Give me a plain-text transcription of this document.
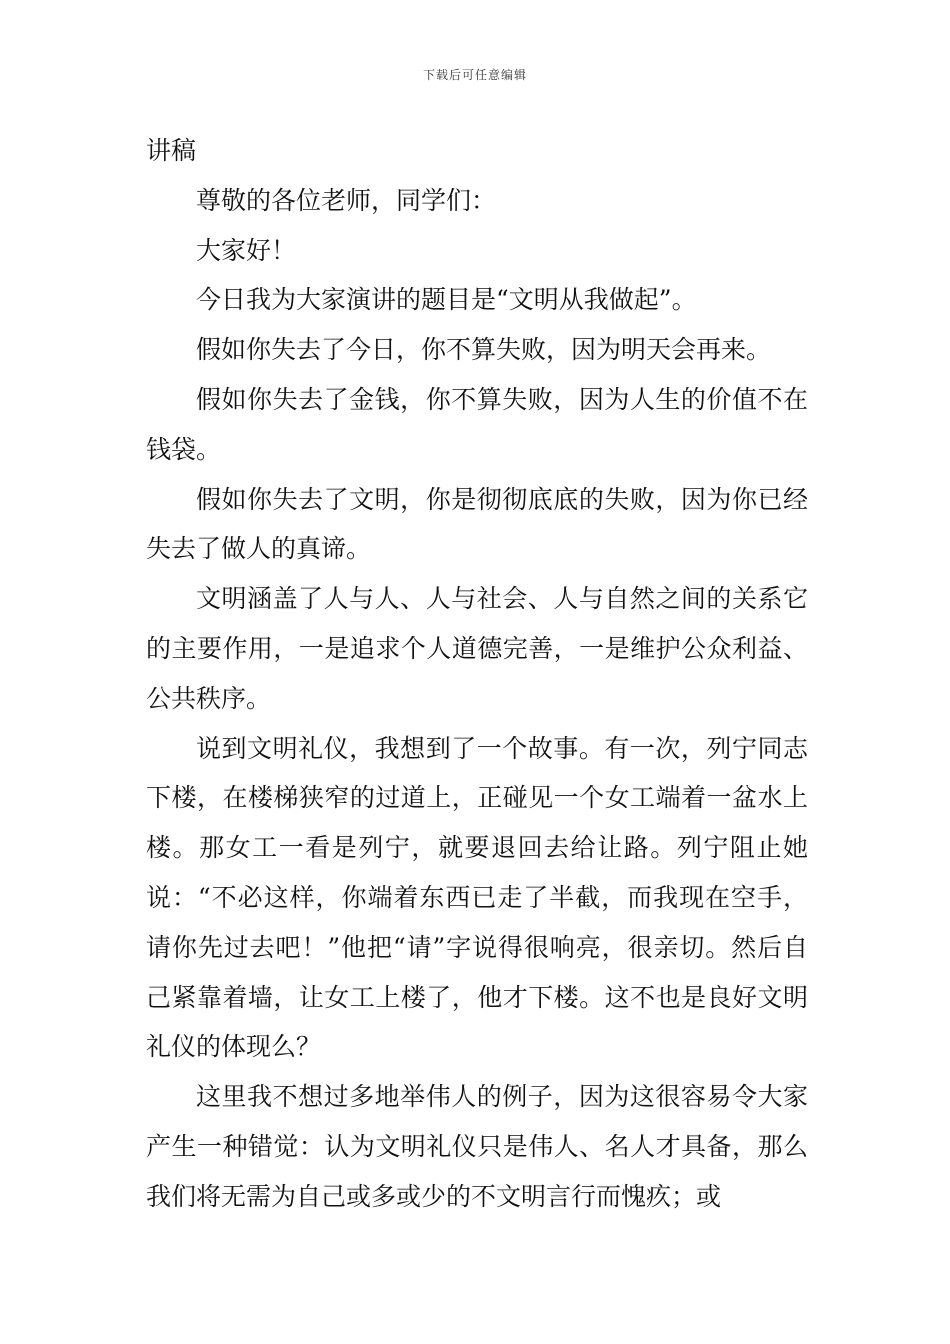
下载后可任意编辑

讲稿

尊敬的各位老师，同学们：

大家好！

今日我为大家演讲的题目是“文明从我做起”。

假如你失去了今日，你不算失败，因为明天会再来。

假如你失去了金钱，你不算失败，因为人生的价值不在钱袋。

假如你失去了文明，你是彻彻底底的失败，因为你已经失去了做人的真谛。

文明涵盖了人与人、人与社会、人与自然之间的关系它的主要作用，一是追求个人道德完善，一是维护公众利益、公共秩序。

说到文明礼仪，我想到了一个故事。有一次，列宁同志下楼，在楼梯狭窄的过道上，正碰见一个女工端着一盆水上楼。那女工一看是列宁，就要退回去给让路。列宁阻止她说：“不必这样，你端着东西已走了半截，而我现在空手，请你先过去吧！”他把“请”字说得很响亮，很亲切。然后自己紧靠着墙，让女工上楼了，他才下楼。这不也是良好文明礼仪的体现么？

这里我不想过多地举伟人的例子，因为这很容易令大家产生一种错觉：认为文明礼仪只是伟人、名人才具备，那么我们将无需为自己或多或少的不文明言行而愧疚；或
